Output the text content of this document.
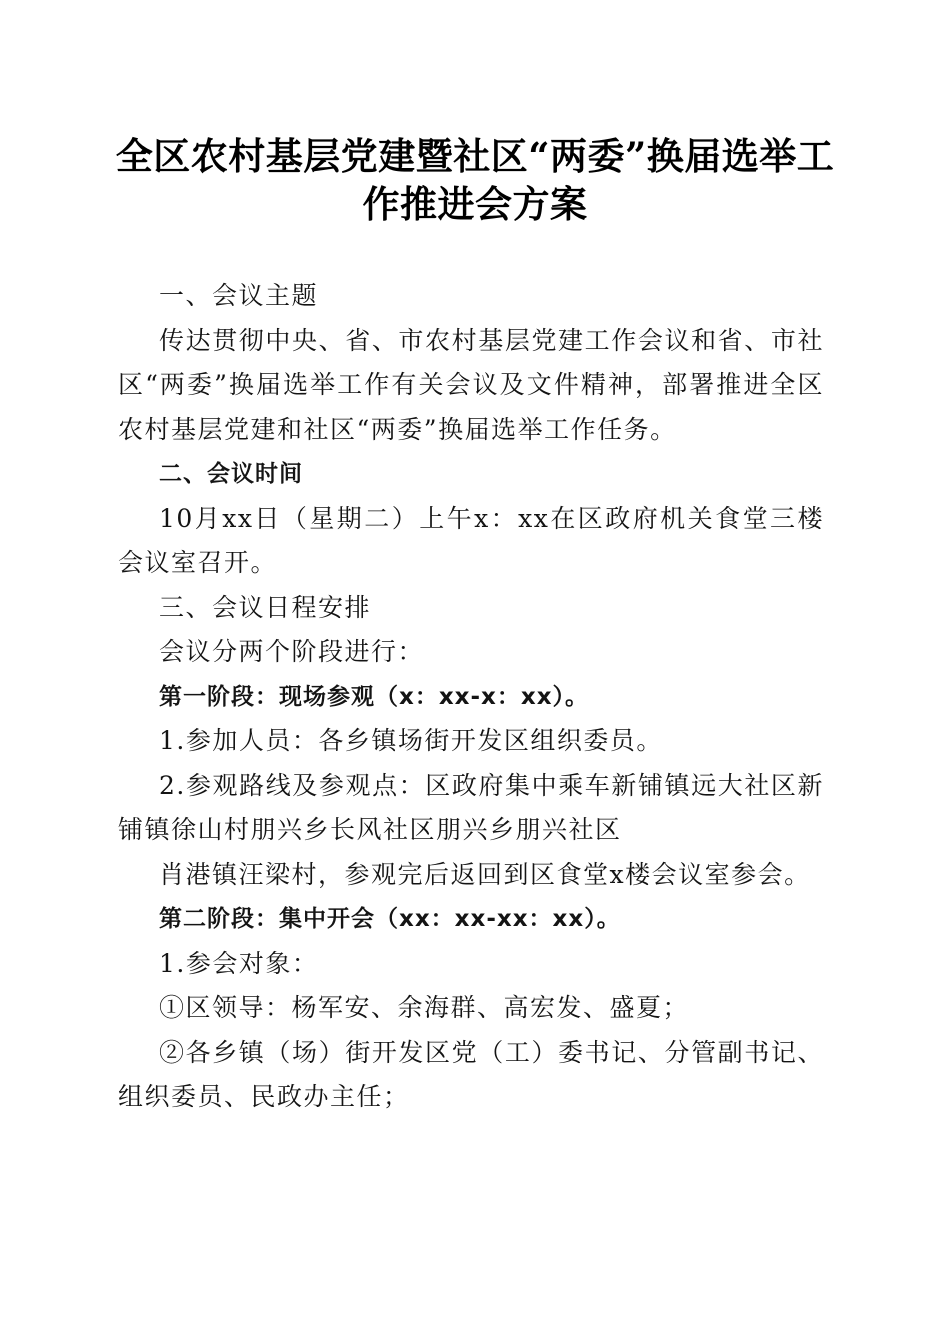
全区农村基层党建暨社区“两委”换届选举工
作推进会方案

一、会议主题

传达贯彻中央、省、市农村基层党建工作会议和省、市社区“两委”换届选举工作有关会议及文件精神，部署推进全区农村基层党建和社区“两委”换届选举工作任务。

二、会议时间

10月xx日（星期二）上午x：xx在区政府机关食堂三楼会议室召开。

三、会议日程安排

会议分两个阶段进行：

第一阶段：现场参观（x：xx-x：xx）。

1.参加人员：各乡镇场街开发区组织委员。

2.参观路线及参观点：区政府集中乘车新铺镇远大社区新铺镇徐山村朋兴乡长风社区朋兴乡朋兴社区

肖港镇汪梁村，参观完后返回到区食堂x楼会议室参会。

第二阶段：集中开会（xx：xx-xx：xx）。

1.参会对象：

①区领导：杨军安、余海群、高宏发、盛夏；

②各乡镇（场）街开发区党（工）委书记、分管副书记、组织委员、民政办主任；
